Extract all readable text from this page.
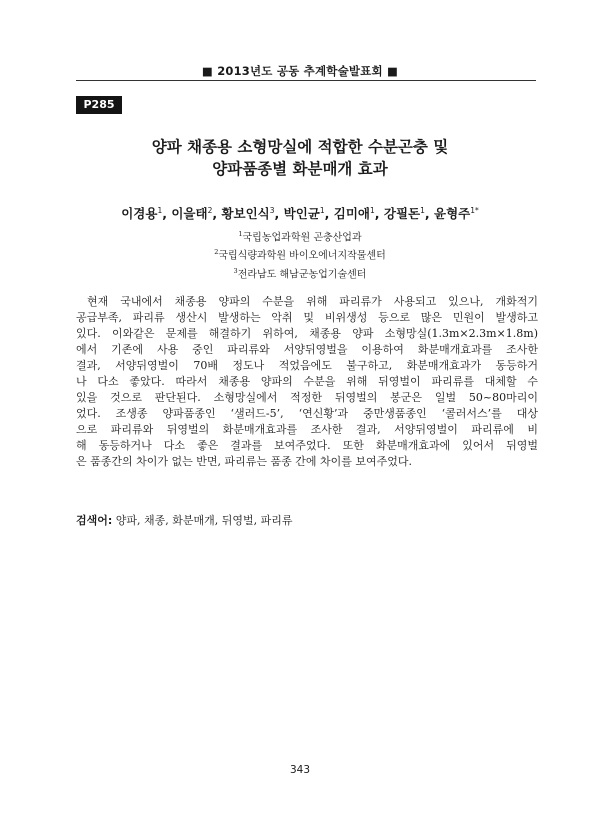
■ 2013년도 공동 추계학술발표회 ■
P285
양파 채종용 소형망실에 적합한 수분곤충 및
양파품종별 화분매개 효과
이경용$^1$, 이을태$^2$, 황보인식$^3$, 박인균$^1$, 김미애$^1$, 강필돈$^1$, 윤형주$^{1*}$
$^1$국립농업과학원 곤충산업과
$^2$국립식량과학원 바이오에너지작물센터
$^3$전라남도 해남군농업기술센터
현재 국내에서 채종용 양파의 수분을 위해 파리류가 사용되고 있으나, 개화적기
공급부족, 파리류 생산시 발생하는 악취 및 비위생성 등으로 많은 민원이 발생하고
있다. 이와같은 문제를 해결하기 위하여, 채종용 양파 소형망실(1.3m×2.3m×1.8m)
에서 기존에 사용 중인 파리류와 서양뒤영벌을 이용하여 화분매개효과를 조사한
결과, 서양뒤영벌이 70배 정도나 적었음에도 불구하고, 화분매개효과가 동등하거
나 다소 좋았다. 따라서 채종용 양파의 수분을 위해 뒤영벌이 파리류를 대체할 수
있을 것으로 판단된다. 소형망실에서 적정한 뒤영벌의 봉군은 일벌 50~80마리이
었다. 조생종 양파품종인 ‘샐러드-5’, ‘연신황’과 중만생품종인 ‘콜러서스’를 대상
으로 파리류와 뒤영벌의 화분매개효과를 조사한 결과, 서양뒤영벌이 파리류에 비
해 동등하거나 다소 좋은 결과를 보여주었다. 또한 화분매개효과에 있어서 뒤영벌
은 품종간의 차이가 없는 반면, 파리류는 품종 간에 차이를 보여주었다.
검색어: 양파, 채종, 화분매개, 뒤영벌, 파리류
343
